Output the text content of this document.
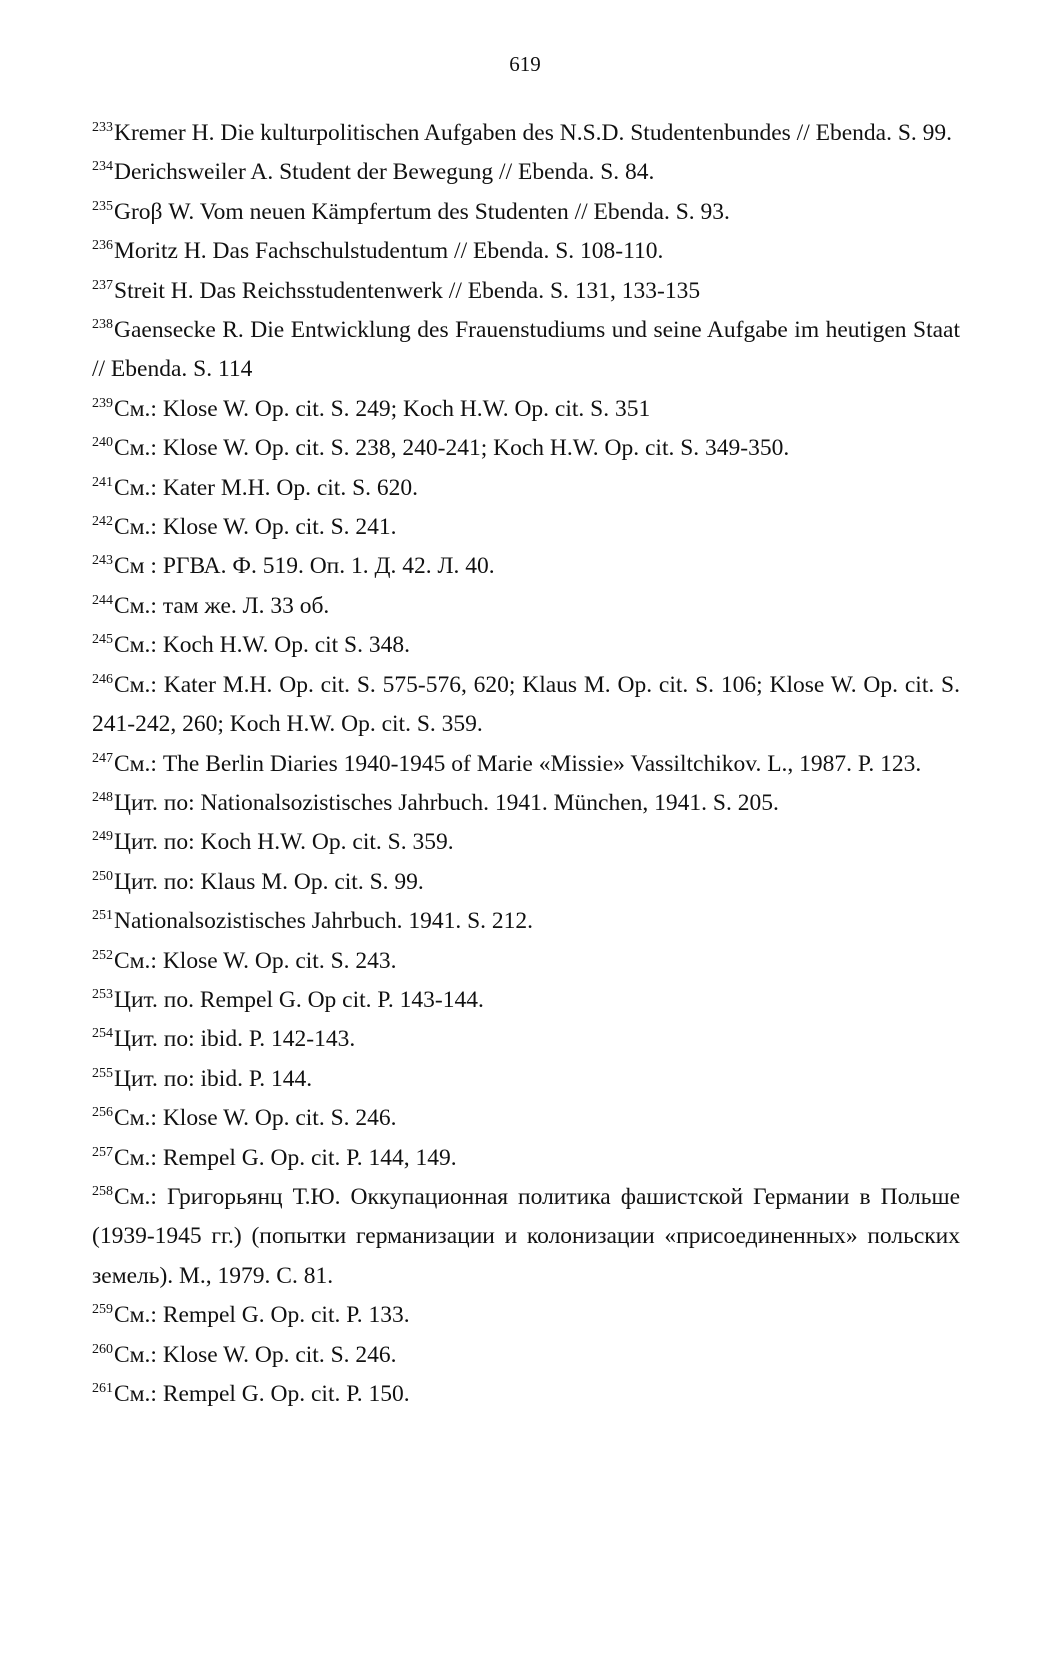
619

$^{233}$Kremer H. Die kulturpolitischen Aufgaben des N.S.D. Studentenbundes // Ebenda. S. 99.

$^{234}$Derichsweiler A. Student der Bewegung // Ebenda. S. 84.

$^{235}$Groβ W. Vom neuen Kämpfertum des Studenten // Ebenda. S. 93.

$^{236}$Moritz H. Das Fachschulstudentum // Ebenda. S. 108-110.

$^{237}$Streit H. Das Reichsstudentenwerk // Ebenda. S. 131, 133-135

$^{238}$Gaensecke R. Die Entwicklung des Frauenstudiums und seine Aufgabe im heutigen Staat // Ebenda. S. 114

$^{239}$См.: Klose W. Op. cit. S. 249; Koch H.W. Op. cit. S. 351

$^{240}$См.: Klose W. Op. cit. S. 238, 240-241; Koch H.W. Op. cit. S. 349-350.

$^{241}$См.: Kater M.H. Op. cit. S. 620.

$^{242}$См.: Klose W. Op. cit. S. 241.

$^{243}$См : РГВА. Ф. 519. Оп. 1. Д. 42. Л. 40.

$^{244}$См.: там же. Л. 33 об.

$^{245}$См.: Koch H.W. Op. cit S. 348.

$^{246}$См.: Kater M.H. Op. cit. S. 575-576, 620; Klaus M. Op. cit. S. 106; Klose W. Op. cit. S. 241-242, 260; Koch H.W. Op. cit. S. 359.

$^{247}$См.: The Berlin Diaries 1940-1945 of Marie «Missie» Vassiltchikov. L., 1987. P. 123.

$^{248}$Цит. по: Nationalsozistisches Jahrbuch. 1941. München, 1941. S. 205.

$^{249}$Цит. по: Koch H.W. Op. cit. S. 359.

$^{250}$Цит. по: Klaus M. Op. cit. S. 99.

$^{251}$Nationalsozistisches Jahrbuch. 1941. S. 212.

$^{252}$См.: Klose W. Op. cit. S. 243.

$^{253}$Цит. по. Rempel G. Op cit. P. 143-144.

$^{254}$Цит. по: ibid. P. 142-143.

$^{255}$Цит. по: ibid. P. 144.

$^{256}$См.: Klose W. Op. cit. S. 246.

$^{257}$См.: Rempel G. Op. cit. P. 144, 149.

$^{258}$См.: Григорьянц Т.Ю. Оккупационная политика фашистской Германии в Польше (1939-1945 гг.) (попытки германизации и колонизации «присоединенных» польских земель). М., 1979. С. 81.

$^{259}$См.: Rempel G. Op. cit. P. 133.

$^{260}$См.: Klose W. Op. cit. S. 246.

$^{261}$См.: Rempel G. Op. cit. P. 150.
